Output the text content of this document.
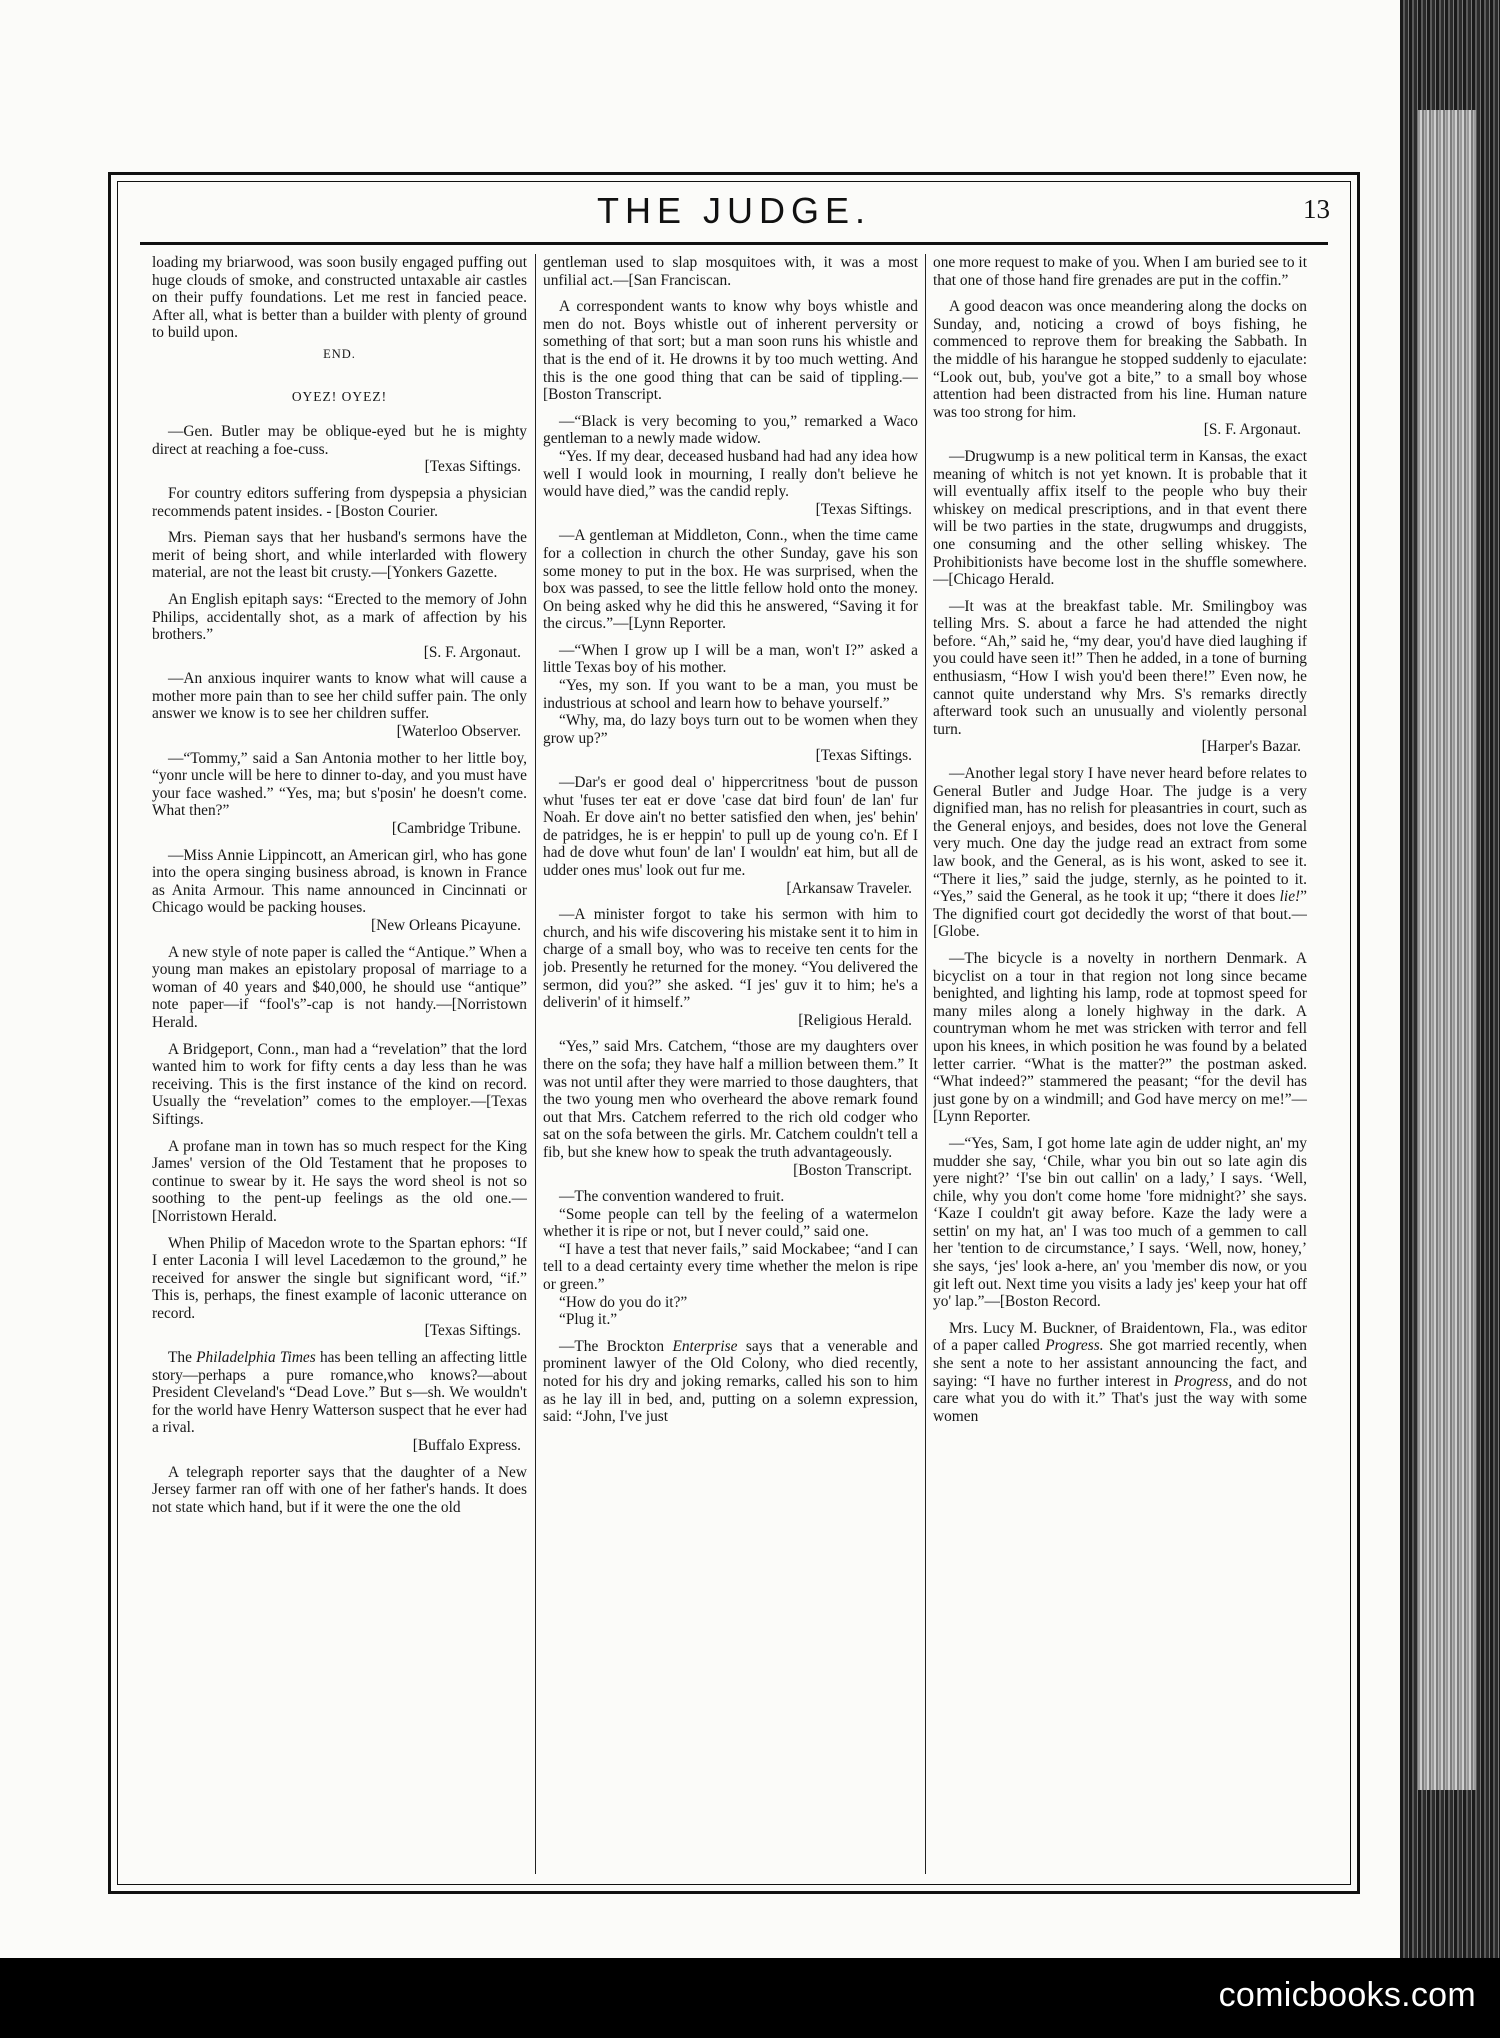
THE JUDGE.	13

loading my briarwood, was soon busily engaged puffing out huge clouds of smoke, and constructed untaxable air castles on their puffy foundations. Let me rest in fancied peace. After all, what is better than a builder with plenty of ground to build upon.

END.

OYEZ! OYEZ!

—Gen. Butler may be oblique-eyed but he is mighty direct at reaching a foe-cuss.

[Texas Siftings.

For country editors suffering from dyspepsia a physician recommends patent insides. - [Boston Courier.

Mrs. Pieman says that her husband's sermons have the merit of being short, and while interlarded with flowery material, are not the least bit crusty.—[Yonkers Gazette.

An English epitaph says: “Erected to the memory of John Philips, accidentally shot, as a mark of affection by his brothers.”

[S. F. Argonaut.

—An anxious inquirer wants to know what will cause a mother more pain than to see her child suffer pain. The only answer we know is to see her children suffer.

[Waterloo Observer.

—“Tommy,” said a San Antonia mother to her little boy, “yonr uncle will be here to dinner to-day, and you must have your face washed.” “Yes, ma; but s'posin' he doesn't come. What then?”

[Cambridge Tribune.

—Miss Annie Lippincott, an American girl, who has gone into the opera singing business abroad, is known in France as Anita Armour. This name announced in Cincinnati or Chicago would be packing houses.

[New Orleans Picayune.

A new style of note paper is called the “Antique.” When a young man makes an epistolary proposal of marriage to a woman of 40 years and $40,000, he should use “antique” note paper—if “fool's”-cap is not handy.—[Norristown Herald.

A Bridgeport, Conn., man had a “revelation” that the lord wanted him to work for fifty cents a day less than he was receiving. This is the first instance of the kind on record. Usually the “revelation” comes to the employer.—[Texas Siftings.

A profane man in town has so much respect for the King James' version of the Old Testament that he proposes to continue to swear by it. He says the word sheol is not so soothing to the pent-up feelings as the old one.—[Norristown Herald.

When Philip of Macedon wrote to the Spartan ephors: “If I enter Laconia I will level Lacedæmon to the ground,” he received for answer the single but significant word, “if.” This is, perhaps, the finest example of laconic utterance on record.

[Texas Siftings.

The Philadelphia Times has been telling an affecting little story—perhaps a pure romance,who knows?—about President Cleveland's “Dead Love.” But s—sh. We wouldn't for the world have Henry Watterson suspect that he ever had a rival.

[Buffalo Express.

A telegraph reporter says that the daughter of a New Jersey farmer ran off with one of her father's hands. It does not state which hand, but if it were the one the old

gentleman used to slap mosquitoes with, it was a most unfilial act.—[San Franciscan.

A correspondent wants to know why boys whistle and men do not. Boys whistle out of inherent perversity or something of that sort; but a man soon runs his whistle and that is the end of it. He drowns it by too much wetting. And this is the one good thing that can be said of tippling.—[Boston Transcript.

—“Black is very becoming to you,” remarked a Waco gentleman to a newly made widow.

“Yes. If my dear, deceased husband had had any idea how well I would look in mourning, I really don't believe he would have died,” was the candid reply.

[Texas Siftings.

—A gentleman at Middleton, Conn., when the time came for a collection in church the other Sunday, gave his son some money to put in the box. He was surprised, when the box was passed, to see the little fellow hold onto the money. On being asked why he did this he answered, “Saving it for the circus.”—[Lynn Reporter.

—“When I grow up I will be a man, won't I?” asked a little Texas boy of his mother.

“Yes, my son. If you want to be a man, you must be industrious at school and learn how to behave yourself.”

“Why, ma, do lazy boys turn out to be women when they grow up?”

[Texas Siftings.

—Dar's er good deal o' hippercritness 'bout de pusson whut 'fuses ter eat er dove 'case dat bird foun' de lan' fur Noah. Er dove ain't no better satisfied den when, jes' behin' de patridges, he is er heppin' to pull up de young co'n. Ef I had de dove whut foun' de lan' I wouldn' eat him, but all de udder ones mus' look out fur me.

[Arkansaw Traveler.

—A minister forgot to take his sermon with him to church, and his wife discovering his mistake sent it to him in charge of a small boy, who was to receive ten cents for the job. Presently he returned for the money. “You delivered the sermon, did you?” she asked. “I jes' guv it to him; he's a deliverin' of it himself.”

[Religious Herald.

“Yes,” said Mrs. Catchem, “those are my daughters over there on the sofa; they have half a million between them.” It was not until after they were married to those daughters, that the two young men who overheard the above remark found out that Mrs. Catchem referred to the rich old codger who sat on the sofa between the girls. Mr. Catchem couldn't tell a fib, but she knew how to speak the truth advantageously.

[Boston Transcript.

—The convention wandered to fruit.

“Some people can tell by the feeling of a watermelon whether it is ripe or not, but I never could,” said one.

“I have a test that never fails,” said Mockabee; “and I can tell to a dead certainty every time whether the melon is ripe or green.”

“How do you do it?”

“Plug it.”

—The Brockton Enterprise says that a venerable and prominent lawyer of the Old Colony, who died recently, noted for his dry and joking remarks, called his son to him as he lay ill in bed, and, putting on a solemn expression, said: “John, I've just

one more request to make of you. When I am buried see to it that one of those hand fire grenades are put in the coffin.”

A good deacon was once meandering along the docks on Sunday, and, noticing a crowd of boys fishing, he commenced to reprove them for breaking the Sabbath. In the middle of his harangue he stopped suddenly to ejaculate: “Look out, bub, you've got a bite,” to a small boy whose attention had been distracted from his line. Human nature was too strong for him.

[S. F. Argonaut.

—Drugwump is a new political term in Kansas, the exact meaning of whitch is not yet known. It is probable that it will eventually affix itself to the people who buy their whiskey on medical prescriptions, and in that event there will be two parties in the state, drugwumps and druggists, one consuming and the other selling whiskey. The Prohibitionists have become lost in the shuffle somewhere.—[Chicago Herald.

—It was at the breakfast table. Mr. Smilingboy was telling Mrs. S. about a farce he had attended the night before. “Ah,” said he, “my dear, you'd have died laughing if you could have seen it!” Then he added, in a tone of burning enthusiasm, “How I wish you'd been there!” Even now, he cannot quite understand why Mrs. S's remarks directly afterward took such an unusually and violently personal turn.

[Harper's Bazar.

—Another legal story I have never heard before relates to General Butler and Judge Hoar. The judge is a very dignified man, has no relish for pleasantries in court, such as the General enjoys, and besides, does not love the General very much. One day the judge read an extract from some law book, and the General, as is his wont, asked to see it. “There it lies,” said the judge, sternly, as he pointed to it. “Yes,” said the General, as he took it up; “there it does lie!” The dignified court got decidedly the worst of that bout.—[Globe.

—The bicycle is a novelty in northern Denmark. A bicyclist on a tour in that region not long since became benighted, and lighting his lamp, rode at topmost speed for many miles along a lonely highway in the dark. A countryman whom he met was stricken with terror and fell upon his knees, in which position he was found by a belated letter carrier. “What is the matter?” the postman asked. “What indeed?” stammered the peasant; “for the devil has just gone by on a windmill; and God have mercy on me!”—[Lynn Reporter.

—“Yes, Sam, I got home late agin de udder night, an' my mudder she say, ‘Chile, whar you bin out so late agin dis yere night?’ ‘I'se bin out callin' on a lady,’ I says. ‘Well, chile, why you don't come home 'fore midnight?’ she says. ‘Kaze I couldn't git away before. Kaze the lady were a settin' on my hat, an' I was too much of a gemmen to call her 'tention to de circumstance,’ I says. ‘Well, now, honey,’ she says, ‘jes' look a-here, an' you 'member dis now, or you git left out. Next time you visits a lady jes' keep your hat off yo' lap.”—[Boston Record.

Mrs. Lucy M. Buckner, of Braidentown, Fla., was editor of a paper called Progress. She got married recently, when she sent a note to her assistant announcing the fact, and saying: “I have no further interest in Progress, and do not care what you do with it.” That's just the way with some women

comicbooks.com
